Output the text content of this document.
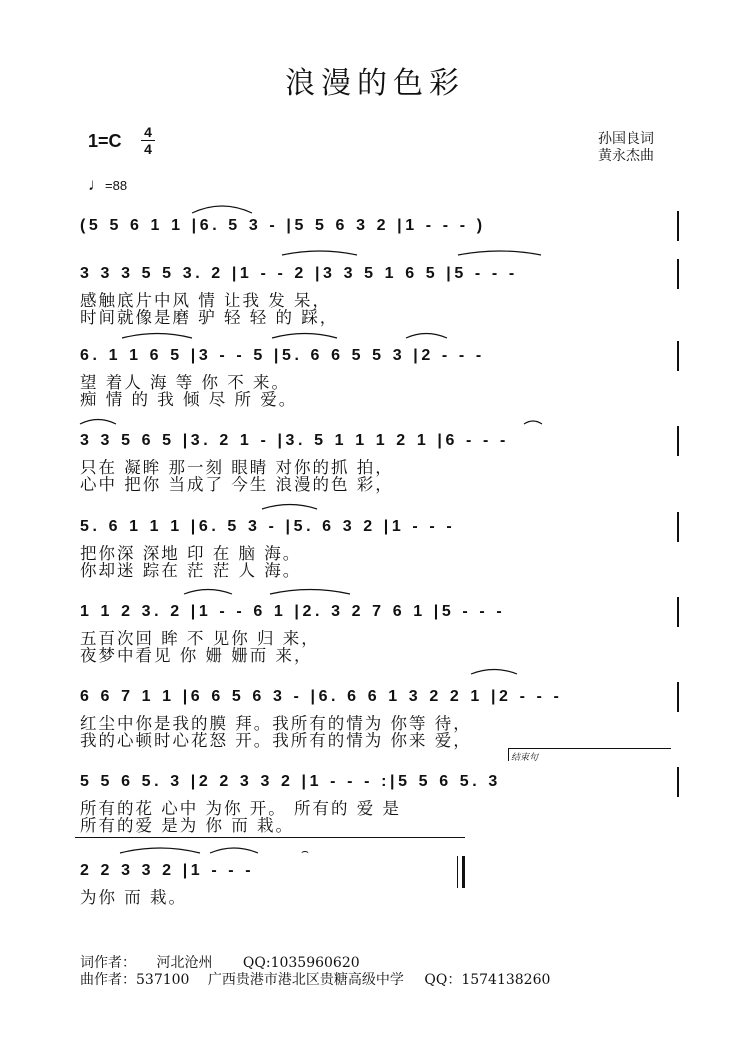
浪漫的色彩
1=C 4
4
♩=88
孙国良词
黄永杰曲
(5 5 6 1 1 |6. 5 3 - |5 5 6 3 2 |1 - - - )
3 3 3 5 5 3. 2 |1 - - 2 |3 3 5 1 6 5 |5 - - -
感触底片中风 情 让我 发 呆，
时间就像是磨 驴 轻 轻 的 踩，
6. 1 1 6 5 |3 - - 5 |5. 6 6 5 5 3 |2 - - -
望 着人 海 等 你 不 来。
痴 情 的 我 倾 尽 所 爱。
3 3 5 6 5 |3. 2 1 - |3. 5 1 1 1 2 1 |6 - - -
只在 凝眸 那一刻 眼睛 对你的抓 拍，
心中 把你 当成了 今生 浪漫的色 彩，
5. 6 1 1 1 |6. 5 3 - |5. 6 3 2 |1 - - -
把你深 深地 印 在 脑 海。
你却迷 踪在 茫 茫 人 海。
1 1 2 3. 2 |1 - - 6 1 |2. 3 2 7 6 1 |5 - - -
五百次回 眸 不 见你 归 来，
夜梦中看见 你 姗 姗而 来，
6 6 7 1 1 |6 6 5 6 3 - |6. 6 6 1 3 2 2 1 |2 - - -
红尘中你是我的膜 拜。我所有的情为 你等 待，
我的心顿时心花怒 开。我所有的情为 你来 爱，
结束句
5 5 6 5. 3 |2 2 3 3 2 |1 - - - :|5 5 6 5. 3
所有的花 心中 为你 开。 所有的 爱 是
所有的爱 是为 你 而 栽。
2 2 3 3 2 |1 - - -
⌢
为你 而 栽。
词作者： 河北沧州 QQ:1035960620
曲作者：537100 广西贵港市港北区贵糖高级中学 QQ：1574138260
